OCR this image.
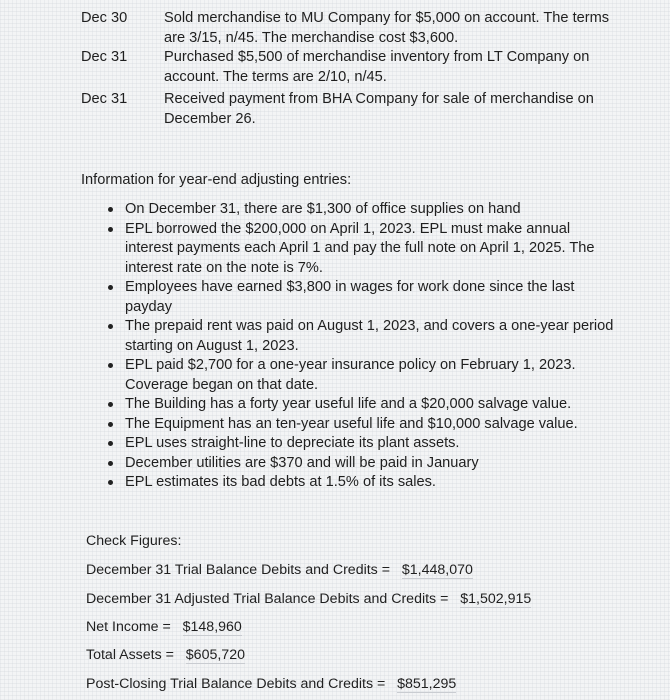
Dec 30	Sold merchandise to MU Company for $5,000 on account. The terms
are 3/15, n/45. The merchandise cost $3,600.
Dec 31	Purchased $5,500 of merchandise inventory from LT Company on
account. The terms are 2/10, n/45.
Dec 31	Received payment from BHA Company for sale of merchandise on
December 26.
Information for year-end adjusting entries:
On December 31, there are $1,300 of office supplies on hand
EPL borrowed the $200,000 on April 1, 2023. EPL must make annual
interest payments each April 1 and pay the full note on April 1, 2025. The
interest rate on the note is 7%.
Employees have earned $3,800 in wages for work done since the last
payday
The prepaid rent was paid on August 1, 2023, and covers a one-year period
starting on August 1, 2023.
EPL paid $2,700 for a one-year insurance policy on February 1, 2023.
Coverage began on that date.
The Building has a forty year useful life and a $20,000 salvage value.
The Equipment has an ten-year useful life and $10,000 salvage value.
EPL uses straight-line to depreciate its plant assets.
December utilities are $370 and will be paid in January
EPL estimates its bad debts at 1.5% of its sales.
Check Figures:
December 31 Trial Balance Debits and Credits = $1,448,070
December 31 Adjusted Trial Balance Debits and Credits = $1,502,915
Net Income = $148,960
Total Assets = $605,720
Post-Closing Trial Balance Debits and Credits = $851,295
